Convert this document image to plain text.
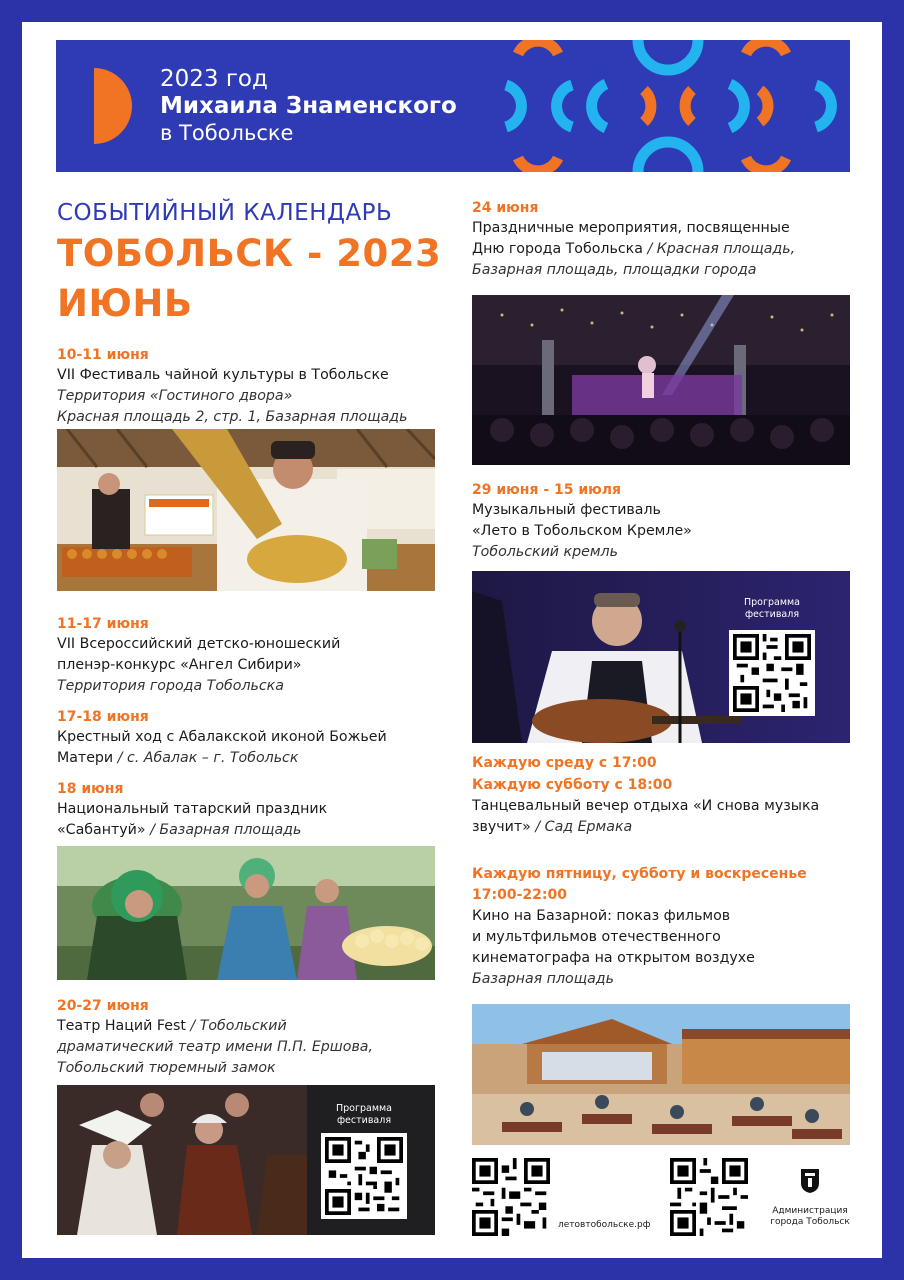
2023 год
Михаила Знаменского
в Тобольске
СОБЫТИЙНЫЙ КАЛЕНДАРЬ
ТОБОЛЬСК - 2023
ИЮНЬ
10-11 июня
VII Фестиваль чайной культуры в Тобольске
Территория «Гостиного двора»
Красная площадь 2, стр. 1, Базарная площадь
11-17 июня
VII Всероссийский детско-юношеский
пленэр-конкурс «Ангел Сибири»
Территория города Тобольска
17-18 июня
Крестный ход с Абалакской иконой Божьей
Матери / с. Абалак – г. Тобольск
18 июня
Национальный татарский праздник
«Сабантуй» / Базарная площадь
20-27 июня
Театр Наций Fest / Тобольский
драматический театр имени П.П. Ершова,
Тобольский тюремный замок
Программа фестиваля
24 июня
Праздничные мероприятия, посвященные
Дню города Тобольска / Красная площадь,
Базарная площадь, площадки города
29 июня - 15 июля
Музыкальный фестиваль
«Лето в Тобольском Кремле»
Тобольский кремль
Программа фестиваля
Каждую среду с 17:00
Каждую субботу с 18:00
Танцевальный вечер отдыха «И снова музыка
звучит» / Сад Ермака
Каждую пятницу, субботу и воскресенье
17:00-22:00
Кино на Базарной: показ фильмов
и мультфильмов отечественного
кинематографа на открытом воздухе
Базарная площадь
летовтобольске.рф
Администрация
города Тобольск
